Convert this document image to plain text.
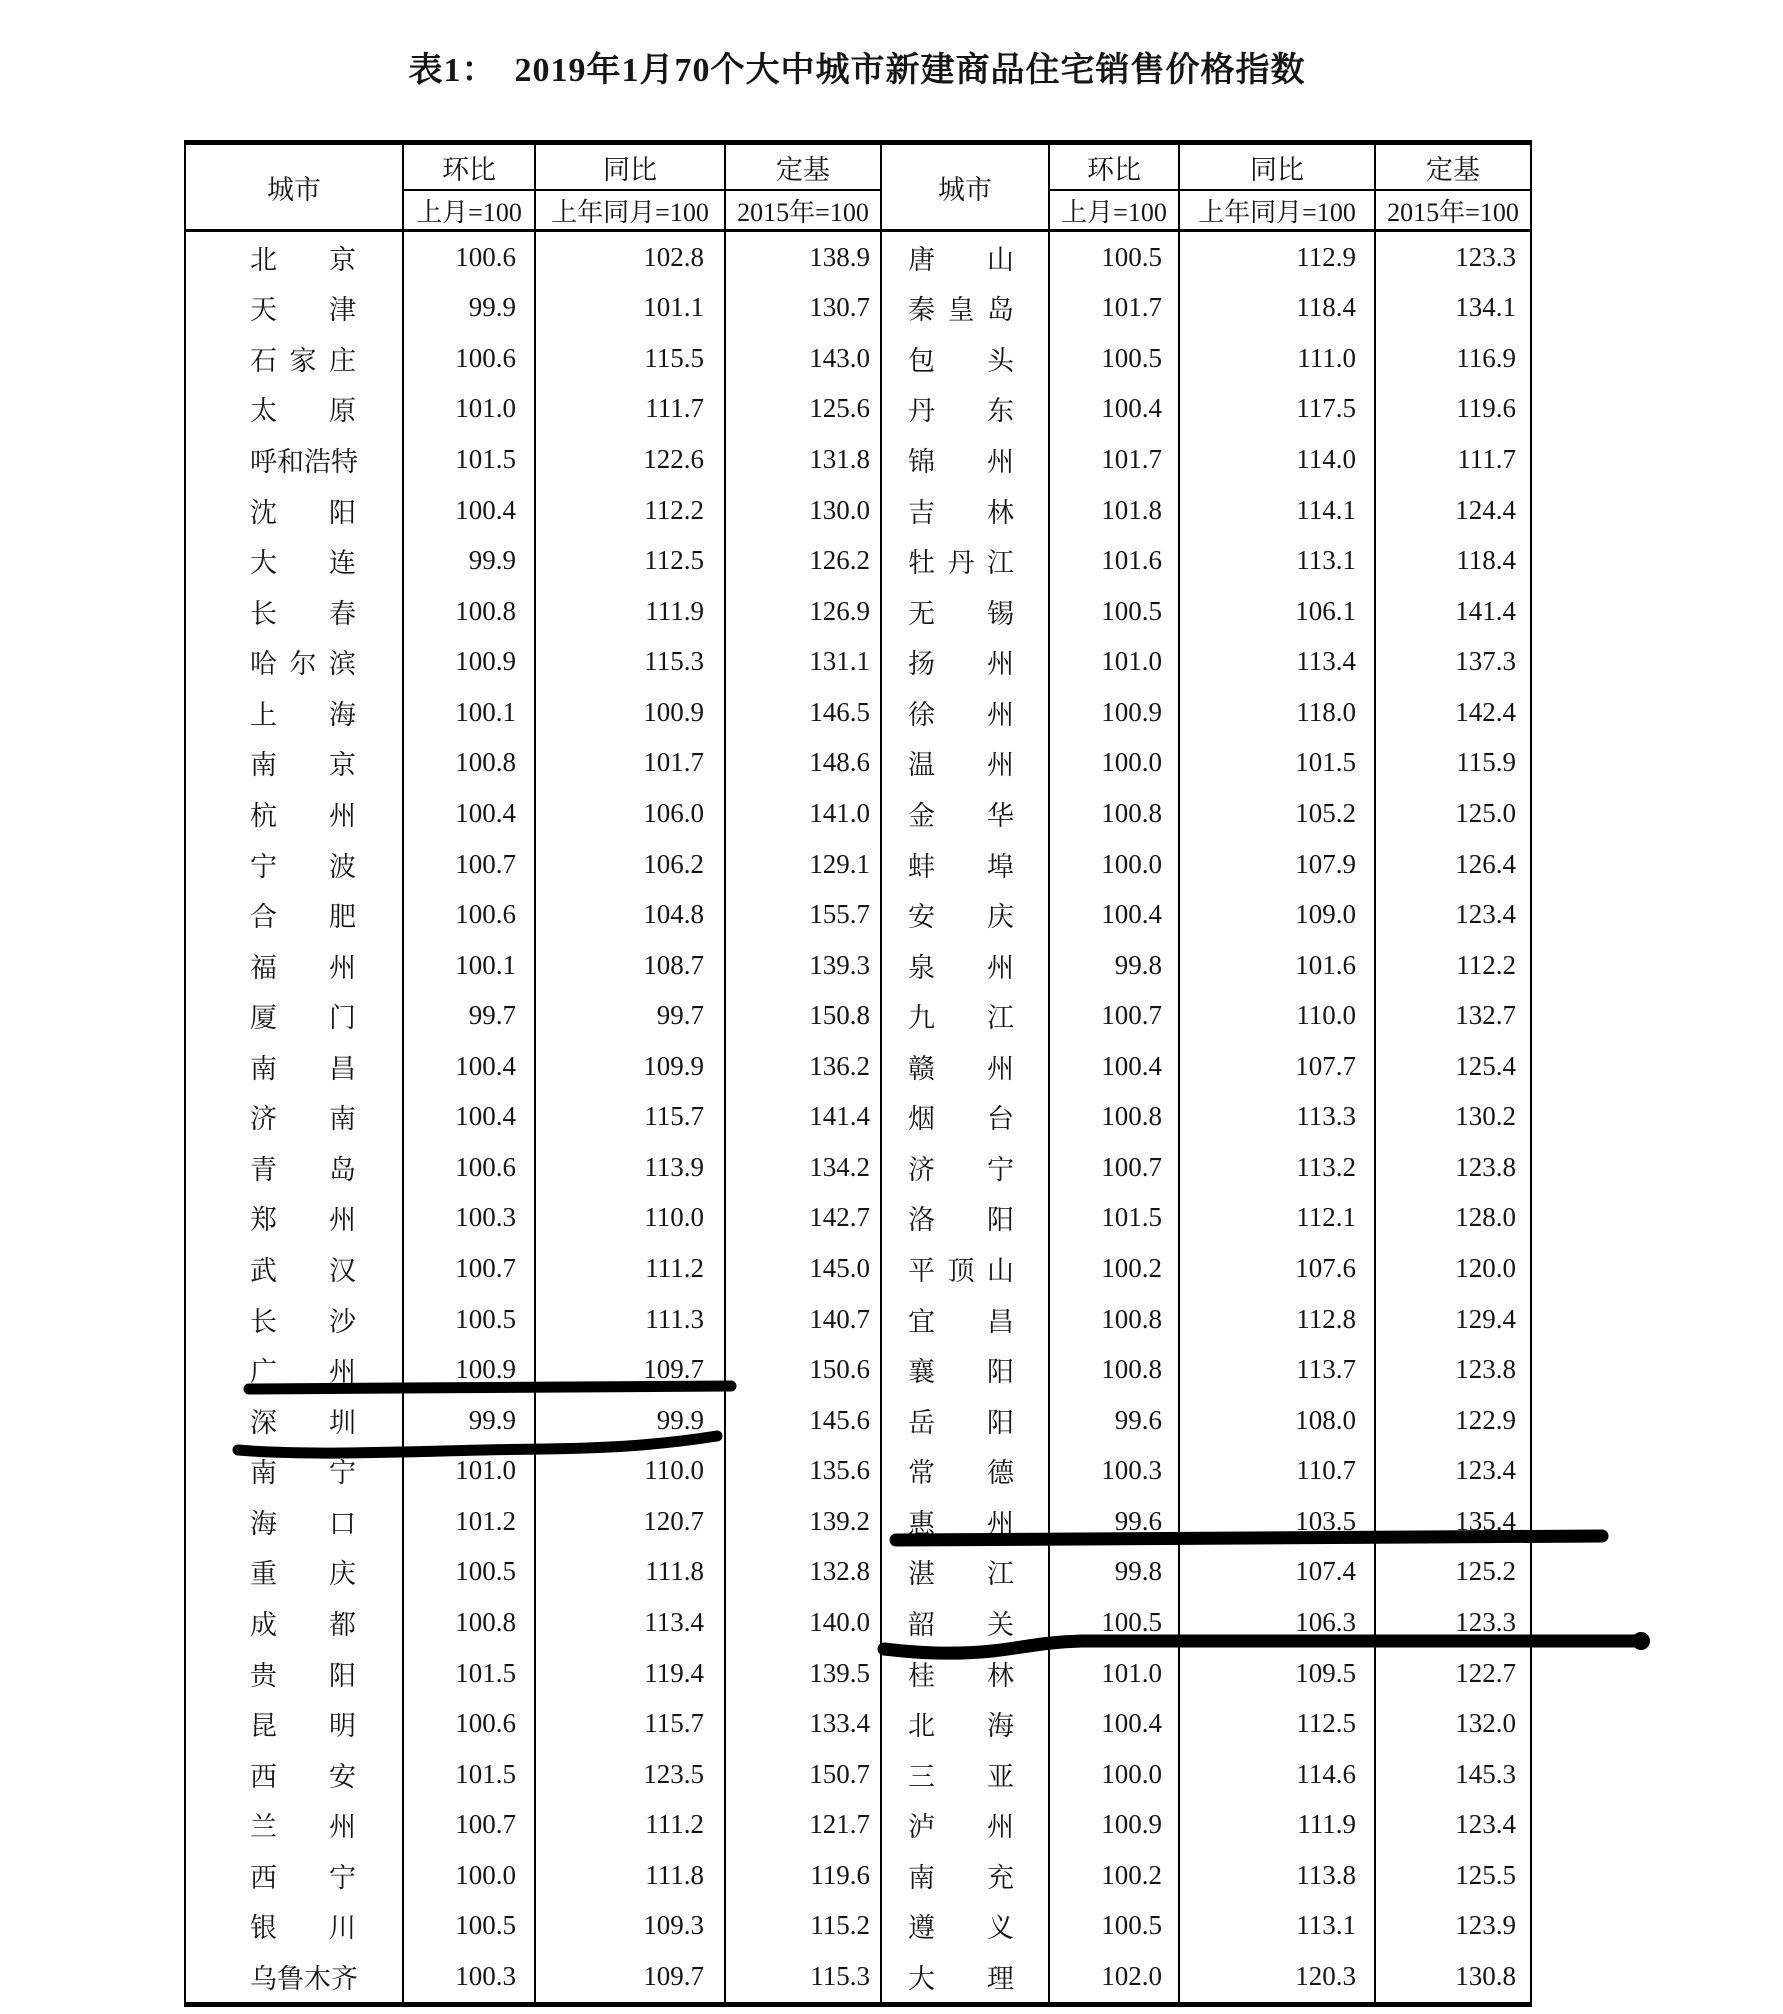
表1：　2019年1月70个大中城市新建商品住宅销售价格指数
城市	环比	同比	定基	城市	环比	同比	定基
	上月=100	上年同月=100	2015年=100		上月=100	上年同月=100	2015年=100

北 京	100.6	102.8	138.9	唐 山	100.5	112.9	123.3

天 津	99.9	101.1	130.7	秦 皇 岛	101.7	118.4	134.1

石 家 庄	100.6	115.5	143.0	包 头	100.5	111.0	116.9

太 原	101.0	111.7	125.6	丹 东	100.4	117.5	119.6

呼 和 浩 特	101.5	122.6	131.8	锦 州	101.7	114.0	111.7

沈 阳	100.4	112.2	130.0	吉 林	101.8	114.1	124.4

大 连	99.9	112.5	126.2	牡 丹 江	101.6	113.1	118.4

长 春	100.8	111.9	126.9	无 锡	100.5	106.1	141.4

哈 尔 滨	100.9	115.3	131.1	扬 州	101.0	113.4	137.3

上 海	100.1	100.9	146.5	徐 州	100.9	118.0	142.4

南 京	100.8	101.7	148.6	温 州	100.0	101.5	115.9

杭 州	100.4	106.0	141.0	金 华	100.8	105.2	125.0

宁 波	100.7	106.2	129.1	蚌 埠	100.0	107.9	126.4

合 肥	100.6	104.8	155.7	安 庆	100.4	109.0	123.4

福 州	100.1	108.7	139.3	泉 州	99.8	101.6	112.2

厦 门	99.7	99.7	150.8	九 江	100.7	110.0	132.7

南 昌	100.4	109.9	136.2	赣 州	100.4	107.7	125.4

济 南	100.4	115.7	141.4	烟 台	100.8	113.3	130.2

青 岛	100.6	113.9	134.2	济 宁	100.7	113.2	123.8

郑 州	100.3	110.0	142.7	洛 阳	101.5	112.1	128.0

武 汉	100.7	111.2	145.0	平 顶 山	100.2	107.6	120.0

长 沙	100.5	111.3	140.7	宜 昌	100.8	112.8	129.4

广 州	100.9	109.7	150.6	襄 阳	100.8	113.7	123.8

深 圳	99.9	99.9	145.6	岳 阳	99.6	108.0	122.9

南 宁	101.0	110.0	135.6	常 德	100.3	110.7	123.4

海 口	101.2	120.7	139.2	惠 州	99.6	103.5	135.4

重 庆	100.5	111.8	132.8	湛 江	99.8	107.4	125.2

成 都	100.8	113.4	140.0	韶 关	100.5	106.3	123.3

贵 阳	101.5	119.4	139.5	桂 林	101.0	109.5	122.7

昆 明	100.6	115.7	133.4	北 海	100.4	112.5	132.0

西 安	101.5	123.5	150.7	三 亚	100.0	114.6	145.3

兰 州	100.7	111.2	121.7	泸 州	100.9	111.9	123.4

西 宁	100.0	111.8	119.6	南 充	100.2	113.8	125.5

银 川	100.5	109.3	115.2	遵 义	100.5	113.1	123.9

乌 鲁 木 齐	100.3	109.7	115.3	大 理	102.0	120.3	130.8
